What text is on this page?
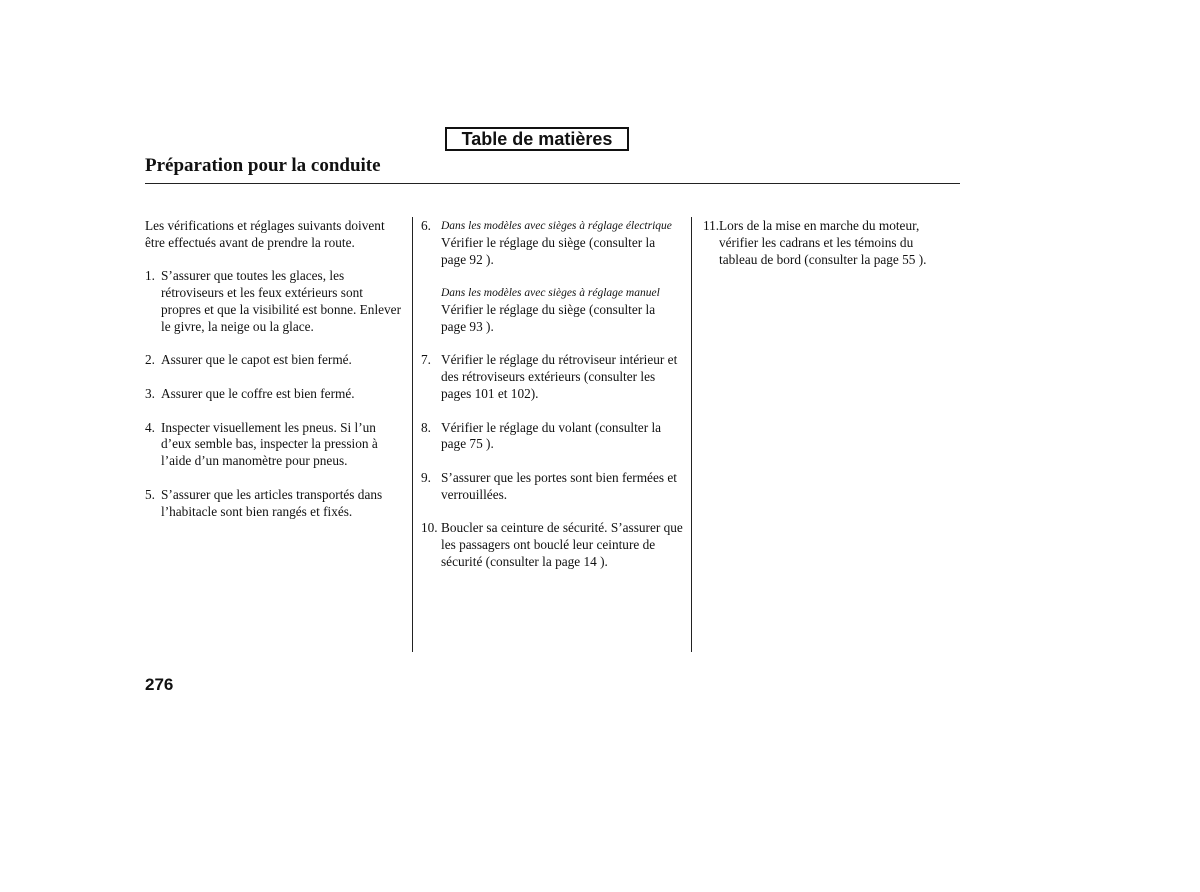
Table de matières
Préparation pour la conduite

Les vérifications et réglages suivants doivent être effectués avant de prendre la route.

1. S’assurer que toutes les glaces, les rétroviseurs et les feux extérieurs sont propres et que la visibilité est bonne. Enlever le givre, la neige ou la glace.
2. Assurer que le capot est bien fermé.
3. Assurer que le coffre est bien fermé.
4. Inspecter visuellement les pneus. Si l’un d’eux semble bas, inspecter la pression à l’aide d’un manomètre pour pneus.
5. S’assurer que les articles transportés dans l’habitacle sont bien rangés et fixés.
6. Dans les modèles avec sièges à réglage électrique
Vérifier le réglage du siège (consulter la page 92 ).
Dans les modèles avec sièges à réglage manuel
Vérifier le réglage du siège (consulter la page 93 ).
7. Vérifier le réglage du rétroviseur intérieur et des rétroviseurs extérieurs (consulter les pages 101 et 102).
8. Vérifier le réglage du volant (consulter la page 75 ).
9. S’assurer que les portes sont bien fermées et verrouillées.
10. Boucler sa ceinture de sécurité. S’assurer que les passagers ont bouclé leur ceinture de sécurité (consulter la page 14 ).
11. Lors de la mise en marche du moteur, vérifier les cadrans et les témoins du tableau de bord (consulter la page 55 ).
276
